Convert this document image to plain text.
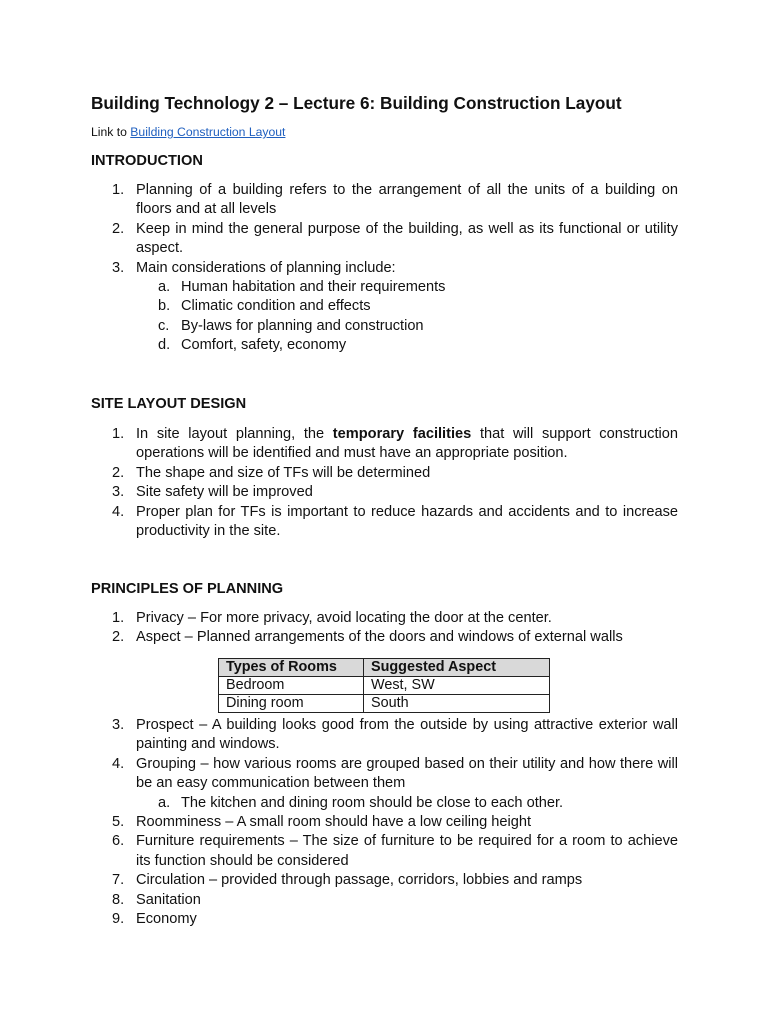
Building Technology 2 – Lecture 6: Building Construction Layout
Link to Building Construction Layout
INTRODUCTION
1. Planning of a building refers to the arrangement of all the units of a building on floors and at all levels
2. Keep in mind the general purpose of the building, as well as its functional or utility aspect.
3. Main considerations of planning include:
a. Human habitation and their requirements
b. Climatic condition and effects
c. By-laws for planning and construction
d. Comfort, safety, economy
SITE LAYOUT DESIGN
1. In site layout planning, the temporary facilities that will support construction operations will be identified and must have an appropriate position.
2. The shape and size of TFs will be determined
3. Site safety will be improved
4. Proper plan for TFs is important to reduce hazards and accidents and to increase productivity in the site.
PRINCIPLES OF PLANNING
1. Privacy – For more privacy, avoid locating the door at the center.
2. Aspect – Planned arrangements of the doors and windows of external walls
Types of Rooms	Suggested Aspect
Bedroom	West, SW
Dining room	South
3. Prospect – A building looks good from the outside by using attractive exterior wall painting and windows.
4. Grouping – how various rooms are grouped based on their utility and how there will be an easy communication between them
a. The kitchen and dining room should be close to each other.
5. Roomminess – A small room should have a low ceiling height
6. Furniture requirements – The size of furniture to be required for a room to achieve its function should be considered
7. Circulation – provided through passage, corridors, lobbies and ramps
8. Sanitation
9. Economy
